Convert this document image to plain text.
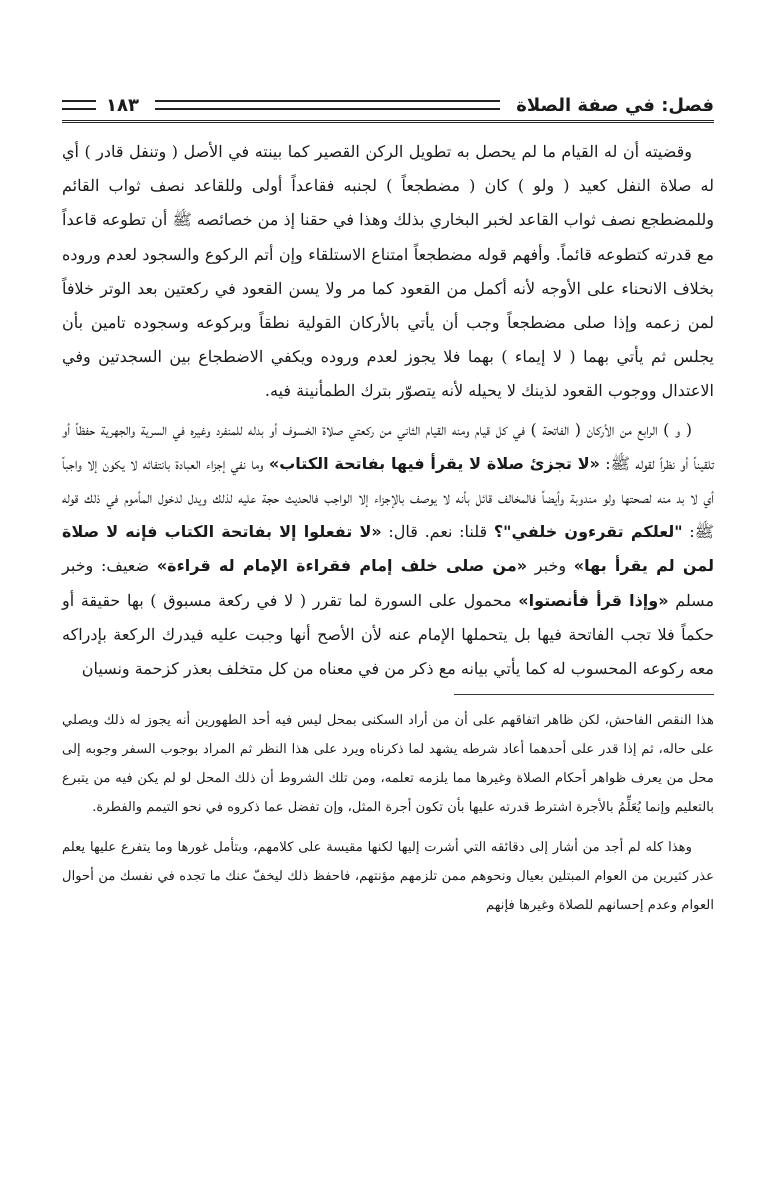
فصل: في صفة الصلاة
١٨٣

وقضيته أن له القيام ما لم يحصل به تطويل الركن القصير كما بينته في الأصل ( وتنفل قادر ) أي له صلاة النفل كعيد ( ولو ) كان ( مضطجعاً ) لجنبه فقاعداً أولى وللقاعد نصف ثواب القائم وللمضطجع نصف ثواب القاعد لخبر البخاري بذلك وهذا في حقنا إذ من خصائصه ﷺ أن تطوعه قاعداً مع قدرته كتطوعه قائماً. وأفهم قوله مضطجعاً امتناع الاستلقاء وإن أتم الركوع والسجود لعدم وروده بخلاف الانحناء على الأوجه لأنه أكمل من القعود كما مر ولا يسن القعود في ركعتين بعد الوتر خلافاً لمن زعمه وإذا صلى مضطجعاً وجب أن يأتي بالأركان القولية نطقاً وبركوعه وسجوده تامين بأن يجلس ثم يأتي بهما ( لا إيماء ) بهما فلا يجوز لعدم وروده ويكفي الاضطجاع بين السجدتين وفي الاعتدال ووجوب القعود لذينك لا يحيله لأنه يتصوّر بترك الطمأنينة فيه.

( و ) الرابع من الأركان ( الفاتحة ) في كل قيام ومنه القيام الثاني من ركعتي صلاة الخسوف أو بدله للمنفرد وغيره في السرية والجهرية حفظاً أو تلقيناً أو نظراً لقوله ﷺ: «لا تجزئ صلاة لا يقرأ فيها بفاتحة الكتاب» وما نفي إجزاء العبادة بانتفائه لا يكون إلا واجباً أي لا بد منه لصحتها ولو مندوبة وأيضاً فالمخالف قائل بأنه لا يوصف بالإجزاء إلا الواجب فالحديث حجة عليه لذلك ويدل لدخول المأموم في ذلك قوله ﷺ: "لعلكم تقرءون خلفي"؟ قلنا: نعم. قال: «لا تفعلوا إلا بفاتحة الكتاب فإنه لا صلاة لمن لم يقرأ بها» وخبر «من صلى خلف إمام فقراءة الإمام له قراءة» ضعيف: وخبر مسلم «وإذا قرأ فأنصتوا» محمول على السورة لما تقرر ( لا في ركعة مسبوق ) بها حقيقة أو حكماً فلا تجب الفاتحة فيها بل يتحملها الإمام عنه لأن الأصح أنها وجبت عليه فيدرك الركعة بإدراكه معه ركوعه المحسوب له كما يأتي بيانه مع ذكر من في معناه من كل متخلف بعذر كزحمة ونسيان

هذا النقص الفاحش، لكن ظاهر اتفاقهم على أن من أراد السكنى بمحل ليس فيه أحد الطهورين أنه يجوز له ذلك ويصلي على حاله، ثم إذا قدر على أحدهما أعاد شرطه يشهد لما ذكرناه ويرد على هذا النظر ثم المراد بوجوب السفر وجوبه إلى محل من يعرف ظواهر أحكام الصلاة وغيرها مما يلزمه تعلمه، ومن تلك الشروط أن ذلك المحل لو لم يكن فيه من يتبرع بالتعليم وإنما يُعَلِّمُ بالأجرة اشترط قدرته عليها بأن تكون أجرة المثل، وإن تفضل عما ذكروه في نحو التيمم والفطرة.

وهذا كله لم أجد من أشار إلى دقائقه التي أشرت إليها لكنها مقيسة على كلامهم، وبتأمل غورها وما يتفرع عليها يعلم عذر كثيرين من العوام المبتلين بعيال ونحوهم ممن تلزمهم مؤنتهم، فاحفظ ذلك ليخفّ عنك ما تجده في نفسك من أحوال العوام وعدم إحسانهم للصلاة وغيرها فإنهم
